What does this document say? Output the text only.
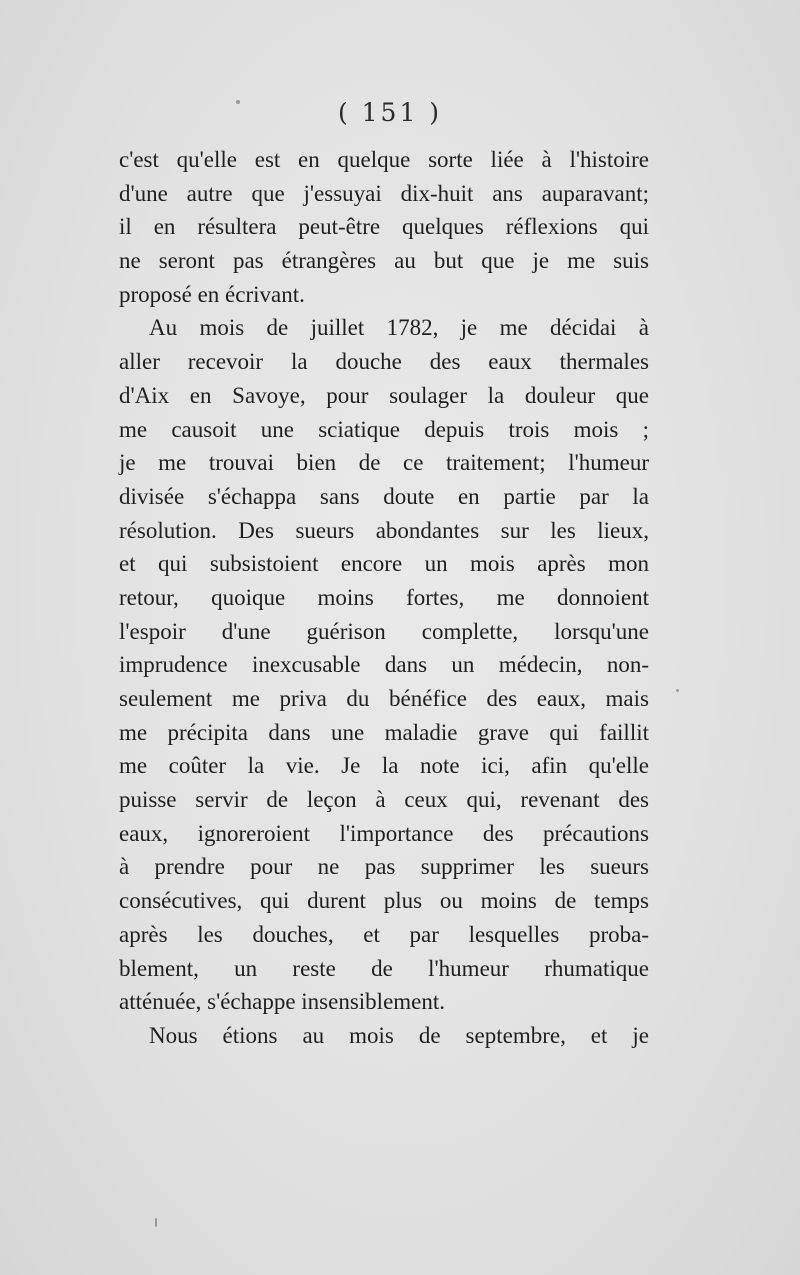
( 151 )
c'est qu'elle est en quelque sorte liée à l'histoire
d'une autre que j'essuyai dix-huit ans auparavant;
il en résultera peut-être quelques réflexions qui
ne seront pas étrangères au but que je me suis
proposé en écrivant.
Au mois de juillet 1782, je me décidai à
aller recevoir la douche des eaux thermales
d'Aix en Savoye, pour soulager la douleur que
me causoit une sciatique depuis trois mois ;
je me trouvai bien de ce traitement; l'humeur
divisée s'échappa sans doute en partie par la
résolution. Des sueurs abondantes sur les lieux,
et qui subsistoient encore un mois après mon
retour, quoique moins fortes, me donnoient
l'espoir d'une guérison complette, lorsqu'une
imprudence inexcusable dans un médecin, non-
seulement me priva du bénéfice des eaux, mais
me précipita dans une maladie grave qui faillit
me coûter la vie. Je la note ici, afin qu'elle
puisse servir de leçon à ceux qui, revenant des
eaux, ignoreroient l'importance des précautions
à prendre pour ne pas supprimer les sueurs
consécutives, qui durent plus ou moins de temps
après les douches, et par lesquelles proba-
blement, un reste de l'humeur rhumatique
atténuée, s'échappe insensiblement.
Nous étions au mois de septembre, et je
